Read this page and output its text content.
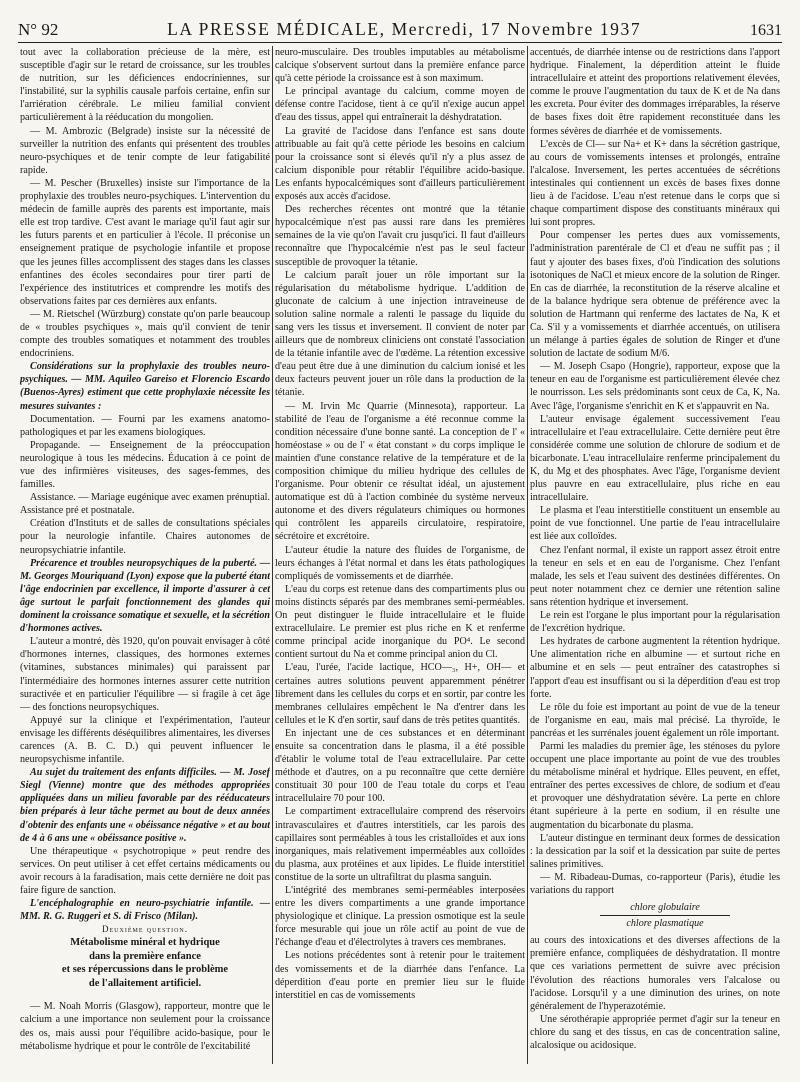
N° 92	LA PRESSE MÉDICALE, Mercredi, 17 Novembre 1937	1631

tout avec la collaboration précieuse de la mère, est susceptible d'agir sur le retard de croissance, sur les troubles de nutrition, sur les déficiences endocriniennes, sur l'instabilité, sur la syphilis causale parfois certaine, enfin sur l'arriération cérébrale. Le milieu familial convient particulièrement à la rééducation du mongolien.

— M. Ambrozic (Belgrade) insiste sur la nécessité de surveiller la nutrition des enfants qui présentent des troubles neuro-psychiques et de tenir compte de leur fatigabilité rapide.

— M. Pescher (Bruxelles) insiste sur l'importance de la prophylaxie des troubles neuro-psychiques. L'intervention du médecin de famille auprès des parents est importante, mais elle est trop tardive. C'est avant le mariage qu'il faut agir sur les futurs parents et en particulier à l'école. Il préconise un enseignement pratique de psychologie infantile et propose que les jeunes filles accomplissent des stages dans les classes enfantines des écoles secondaires pour tirer parti de l'expérience des institutrices et comprendre les motifs des observations faites par ces dernières aux enfants.

— M. Rietschel (Würzburg) constate qu'on parle beaucoup de « troubles psychiques », mais qu'il convient de tenir compte des troubles somatiques et notamment des troubles endocriniens.

Considérations sur la prophylaxie des troubles neuro-psychiques. — MM. Aquileo Gareiso et Florencio Escardo (Buenos-Ayres) estiment que cette prophylaxie nécessite les mesures suivantes :

Documentation. — Fourni par les examens anatomo-pathologiques et par les examens biologiques.

Propagande. — Enseignement de la préoccupation neurologique à tous les médecins. Éducation à ce point de vue des infirmières visiteuses, des sages-femmes, des familles.

Assistance. — Mariage eugénique avec examen prénuptial. Assistance pré et postnatale.

Création d'Instituts et de salles de consultations spéciales pour la neurologie infantile. Chaires autonomes de neuropsychiatrie infantile.

Précarence et troubles neuropsychiques de la puberté. — M. Georges Mouriquand (Lyon) expose que la puberté étant l'âge endocrinien par excellence, il importe d'assurer à cet âge surtout le parfait fonctionnement des glandes qui dominent la croissance somatique et sexuelle, et la sécrétion d'hormones actives.

L'auteur a montré, dès 1920, qu'on pouvait envisager à côté d'hormones internes, classiques, des hormones externes (vitamines, substances minimales) qui paraissent par l'intermédiaire des hormones internes assurer cette nutrition suractivée et en particulier l'équilibre — si fragile à cet âge — des fonctions neuropsychiques.

Appuyé sur la clinique et l'expérimentation, l'auteur envisage les différents déséquilibres alimentaires, les diverses carences (A. B. C. D.) qui peuvent influencer le neuropsychisme infantile.

Au sujet du traitement des enfants difficiles. — M. Josef Siegl (Vienne) montre que des méthodes appropriées appliquées dans un milieu favorable par des rééducateurs bien préparés à leur tâche permet au bout de deux années d'obtenir des enfants une « obéissance négative » et au bout de 4 à 6 ans une « obéissance positive ».

Une thérapeutique « psychotropique » peut rendre des services. On peut utiliser à cet effet certains médicaments ou avoir recours à la faradisation, mais cette dernière ne doit pas faire figure de sanction.

L'encéphalographie en neuro-psychiatrie infantile. — MM. R. G. Ruggeri et S. di Frisco (Milan).

Deuxième question.

Métabolisme minéral et hydrique

dans la première enfance

et ses répercussions dans le problème

de l'allaitement artificiel.

— M. Noah Morris (Glasgow), rapporteur, montre que le calcium a une importance non seulement pour la croissance des os, mais aussi pour l'équilibre acido-basique, pour le métabolisme hydrique et pour le contrôle de l'excitabilité

neuro-musculaire. Des troubles imputables au métabolisme calcique s'observent surtout dans la première enfance parce qu'à cette période la croissance est à son maximum.

Le principal avantage du calcium, comme moyen de défense contre l'acidose, tient à ce qu'il n'exige aucun appel d'eau des tissus, appel qui entraînerait la déshydratation.

La gravité de l'acidose dans l'enfance est sans doute attribuable au fait qu'à cette période les besoins en calcium pour la croissance sont si élevés qu'il n'y a plus assez de calcium disponible pour rétablir l'équilibre acido-basique. Les enfants hypocalcémiques sont d'ailleurs particulièrement exposés aux accès d'acidose.

Des recherches récentes ont montré que la tétanie hypocalcémique n'est pas aussi rare dans les premières semaines de la vie qu'on l'avait cru jusqu'ici. Il faut d'ailleurs reconnaître que l'hypocalcémie n'est pas le seul facteur susceptible de provoquer la tétanie.

Le calcium paraît jouer un rôle important sur la régularisation du métabolisme hydrique. L'addition de gluconate de calcium à une injection intraveineuse de solution saline normale a ralenti le passage du liquide du sang vers les tissus et inversement. Il convient de noter par ailleurs que de nombreux cliniciens ont constaté l'association de la tétanie infantile avec de l'œdème. La rétention excessive d'eau peut être due à une diminution du calcium ionisé et les deux facteurs peuvent jouer un rôle dans la production de la tétanie.

— M. Irvin Mc Quarrie (Minnesota), rapporteur. La stabilité de l'eau de l'organisme a été reconnue comme la condition nécessaire d'une bonne santé. La conception de l' « homéostase » ou de l' « état constant » du corps implique le maintien d'une constance relative de la température et de la composition chimique du milieu hydrique des cellules de l'organisme. Pour obtenir ce résultat idéal, un ajustement automatique est dû à l'action combinée du système nerveux autonome et des divers régulateurs chimiques ou hormones qui contrôlent les appareils circulatoire, respiratoire, sécrétoire et excrétoire.

L'auteur étudie la nature des fluides de l'organisme, de leurs échanges à l'état normal et dans les états pathologiques compliqués de vomissements et de diarrhée.

L'eau du corps est retenue dans des compartiments plus ou moins distincts séparés par des membranes semi-perméables. On peut distinguer le fluide intracellulaire et le fluide extracellulaire. Le premier est plus riche en K et renferme comme principal acide inorganique du PO⁴. Le second contient surtout du Na et comme principal anion du Cl.

L'eau, l'urée, l'acide lactique, HCO—₃, H+, OH— et certaines autres solutions peuvent apparemment pénétrer librement dans les cellules du corps et en sortir, par contre les membranes cellulaires empêchent le Na d'entrer dans les cellules et le K d'en sortir, sauf dans de très petites quantités.

En injectant une de ces substances et en déterminant ensuite sa concentration dans le plasma, il a été possible d'établir le volume total de l'eau extracellulaire. Par cette méthode et d'autres, on a pu reconnaître que cette dernière constituait 30 pour 100 de l'eau totale du corps et l'eau intracellulaire 70 pour 100.

Le compartiment extracellulaire comprend des réservoirs intravasculaires et d'autres interstitiels, car les parois des capillaires sont perméables à tous les cristalloïdes et aux ions inorganiques, mais relativement imperméables aux colloïdes du plasma, aux protéines et aux lipides. Le fluide interstitiel constitue de la sorte un ultrafiltrat du plasma sanguin.

L'intégrité des membranes semi-perméables interposées entre les divers compartiments a une grande importance physiologique et clinique. La pression osmotique est la seule force mesurable qui joue un rôle actif au point de vue de l'échange d'eau et d'électrolytes à travers ces membranes.

Les notions précédentes sont à retenir pour le traitement des vomissements et de la diarrhée dans l'enfance. La déperdition d'eau porte en premier lieu sur le fluide interstitiel en cas de vomissements

accentués, de diarrhée intense ou de restrictions dans l'apport hydrique. Finalement, la déperdition atteint le fluide intracellulaire et atteint des proportions relativement élevées, comme le prouve l'augmentation du taux de K et de Na dans les excreta. Pour éviter des dommages irréparables, la réserve de bases fixes doit être rapidement reconstituée dans les formes sévères de diarrhée et de vomissements.

L'excès de Cl— sur Na+ et K+ dans la sécrétion gastrique, au cours de vomissements intenses et prolongés, entraîne l'alcalose. Inversement, les pertes accentuées de sécrétions intestinales qui contiennent un excès de bases fixes donne lieu à de l'acidose. L'eau n'est retenue dans le corps que si chaque compartiment dispose des constituants minéraux qui lui sont propres.

Pour compenser les pertes dues aux vomissements, l'administration parentérale de Cl et d'eau ne suffit pas ; il faut y ajouter des bases fixes, d'où l'indication des solutions isotoniques de NaCl et mieux encore de la solution de Ringer. En cas de diarrhée, la reconstitution de la réserve alcaline et de la balance hydrique sera obtenue de préférence avec la solution de Hartmann qui renferme des lactates de Na, K et Ca. S'il y a vomissements et diarrhée accentués, on utilisera un mélange à parties égales de solution de Ringer et d'une solution de lactate de sodium M/6.

— M. Joseph Csapo (Hongrie), rapporteur, expose que la teneur en eau de l'organisme est particulièrement élevée chez le nourrisson. Les sels prédominants sont ceux de Ca, K, Na. Avec l'âge, l'organisme s'enrichit en K et s'appauvrit en Na.

L'auteur envisage également successivement l'eau intracellulaire et l'eau extracellulaire. Cette dernière peut être considérée comme une solution de chlorure de sodium et de bicarbonate. L'eau intracellulaire renferme principalement du K, du Mg et des phosphates. Avec l'âge, l'organisme devient plus pauvre en eau extracellulaire, plus riche en eau intracellulaire.

Le plasma et l'eau interstitielle constituent un ensemble au point de vue fonctionnel. Une partie de l'eau intracellulaire est liée aux colloïdes.

Chez l'enfant normal, il existe un rapport assez étroit entre la teneur en sels et en eau de l'organisme. Chez l'enfant malade, les sels et l'eau suivent des destinées différentes. On peut noter notamment chez ce dernier une rétention saline sans rétention hydrique et inversement.

Le rein est l'organe le plus important pour la régularisation de l'excrétion hydrique.

Les hydrates de carbone augmentent la rétention hydrique. Une alimentation riche en albumine — et surtout riche en albumine et en sels — peut entraîner des catastrophes si l'apport d'eau est insuffisant ou si la déperdition d'eau est trop forte.

Le rôle du foie est important au point de vue de la teneur de l'organisme en eau, mais mal précisé. La thyroïde, le pancréas et les surrénales jouent également un rôle important.

Parmi les maladies du premier âge, les sténoses du pylore occupent une place importante au point de vue des troubles du métabolisme minéral et hydrique. Elles peuvent, en effet, entraîner des pertes excessives de chlore, de sodium et d'eau et provoquer une déshydratation sévère. La perte en chlore étant supérieure à la perte en sodium, il en résulte une augmentation du bicarbonate du plasma.

L'auteur distingue en terminant deux formes de dessication : la dessication par la soif et la dessication par suite de pertes salines primitives.

— M. Ribadeau-Dumas, co-rapporteur (Paris), étudie les variations du rapport

chlore globulaire
chlore plasmatique

au cours des intoxications et des diverses affections de la première enfance, compliquées de déshydratation. Il montre que ces variations permettent de suivre avec précision l'évolution des réactions humorales vers l'alcalose ou l'acidose. Lorsqu'il y a une diminution des urines, on note généralement de l'hyperazotémie.

Une sérothérapie appropriée permet d'agir sur la teneur en chlore du sang et des tissus, en cas de concentration saline, alcalosique ou acidosique.
